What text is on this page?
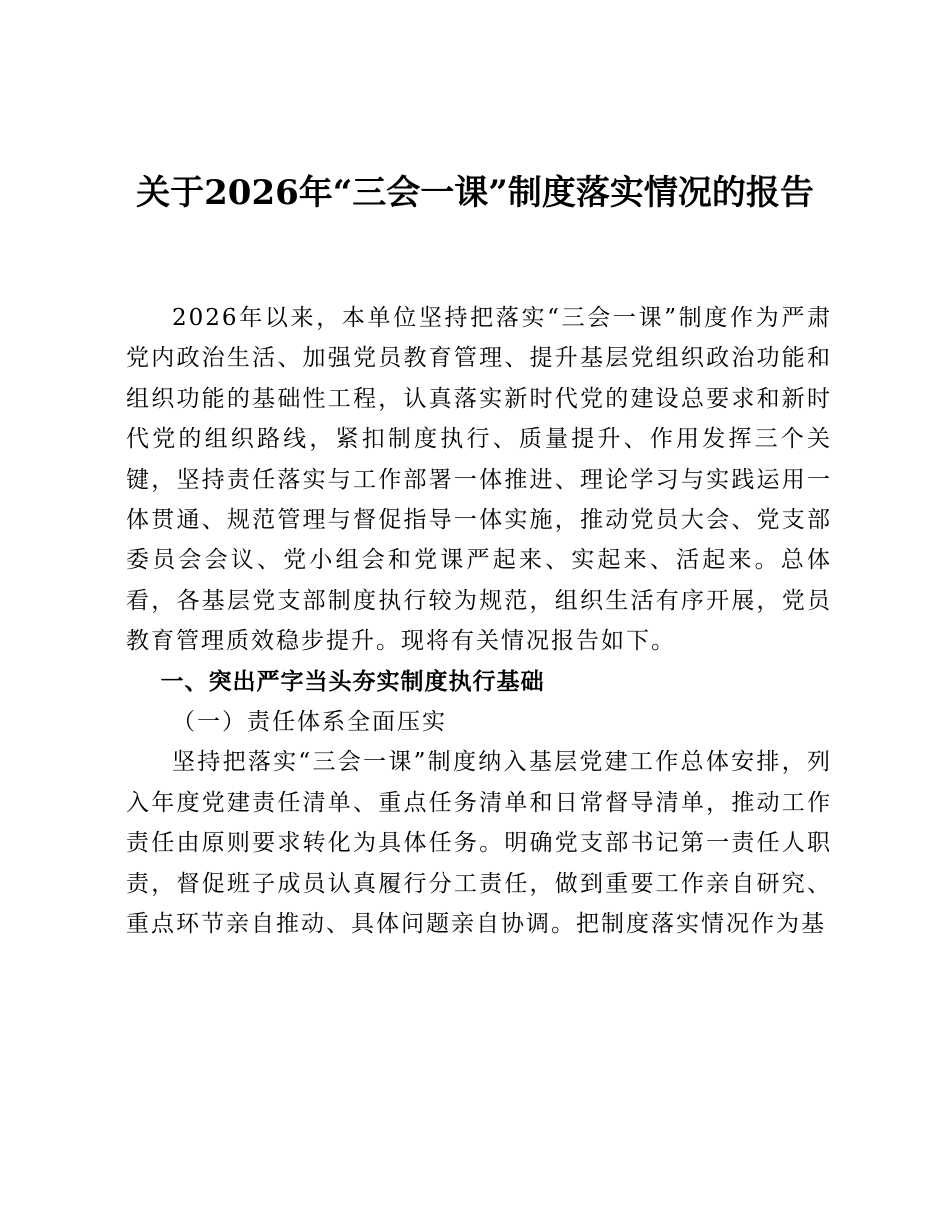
关于2026年“三会一课”制度落实情况的报告

2026年以来，本单位坚持把落实“三会一课”制度作为严肃党内政治生活、加强党员教育管理、提升基层党组织政治功能和组织功能的基础性工程，认真落实新时代党的建设总要求和新时代党的组织路线，紧扣制度执行、质量提升、作用发挥三个关键，坚持责任落实与工作部署一体推进、理论学习与实践运用一体贯通、规范管理与督促指导一体实施，推动党员大会、党支部委员会会议、党小组会和党课严起来、实起来、活起来。总体看，各基层党支部制度执行较为规范，组织生活有序开展，党员教育管理质效稳步提升。现将有关情况报告如下。

一、突出严字当头夯实制度执行基础

（一）责任体系全面压实

坚持把落实“三会一课”制度纳入基层党建工作总体安排，列入年度党建责任清单、重点任务清单和日常督导清单，推动工作责任由原则要求转化为具体任务。明确党支部书记第一责任人职责，督促班子成员认真履行分工责任，做到重要工作亲自研究、重点环节亲自推动、具体问题亲自协调。把制度落实情况作为基
